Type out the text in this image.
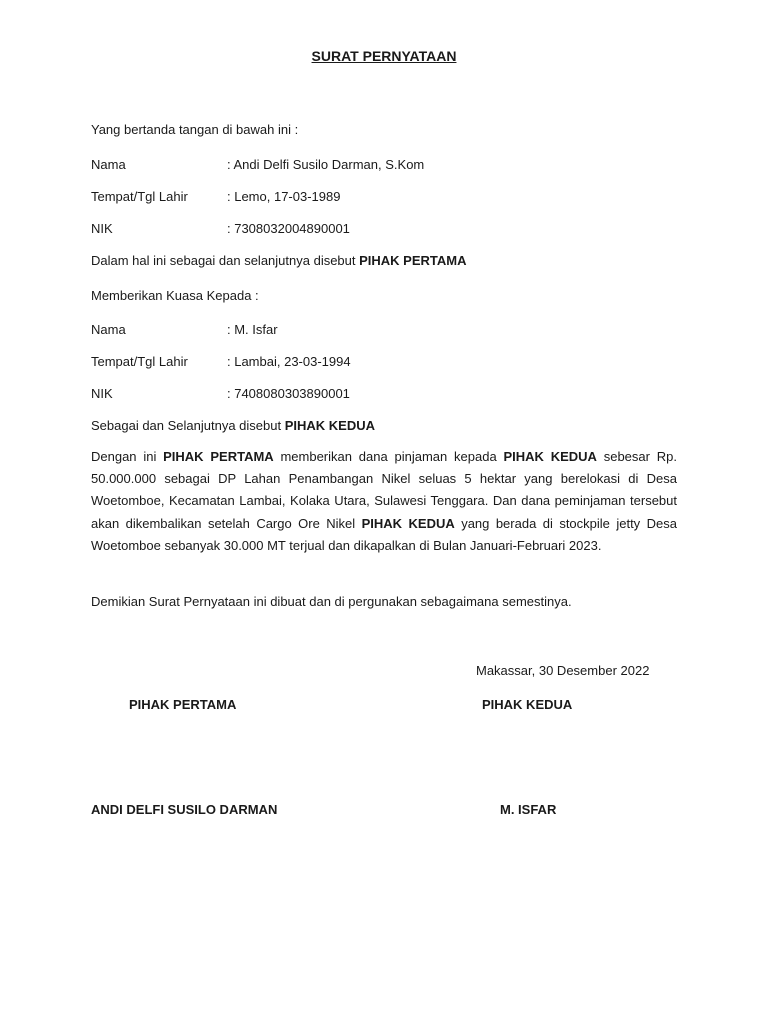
SURAT PERNYATAAN
Yang bertanda tangan di bawah ini :
Nama	: Andi Delfi Susilo Darman, S.Kom
Tempat/Tgl Lahir	: Lemo, 17-03-1989
NIK	: 7308032004890001
Dalam hal ini sebagai dan selanjutnya disebut PIHAK PERTAMA
Memberikan Kuasa Kepada :
Nama	: M. Isfar
Tempat/Tgl Lahir	: Lambai, 23-03-1994
NIK	: 7408080303890001
Sebagai dan Selanjutnya disebut PIHAK KEDUA
Dengan ini PIHAK PERTAMA memberikan dana pinjaman kepada PIHAK KEDUA sebesar Rp. 50.000.000 sebagai DP Lahan Penambangan Nikel seluas 5 hektar yang berelokasi di Desa Woetomboe, Kecamatan Lambai, Kolaka Utara, Sulawesi Tenggara. Dan dana peminjaman tersebut akan dikembalikan setelah Cargo Ore Nikel PIHAK KEDUA yang berada di stockpile jetty Desa Woetomboe sebanyak 30.000 MT terjual dan dikapalkan di Bulan Januari-Februari 2023.
Demikian Surat Pernyataan ini dibuat dan di pergunakan sebagaimana semestinya.
Makassar, 30 Desember 2022
PIHAK PERTAMA	PIHAK KEDUA
ANDI DELFI SUSILO DARMAN	M. ISFAR
